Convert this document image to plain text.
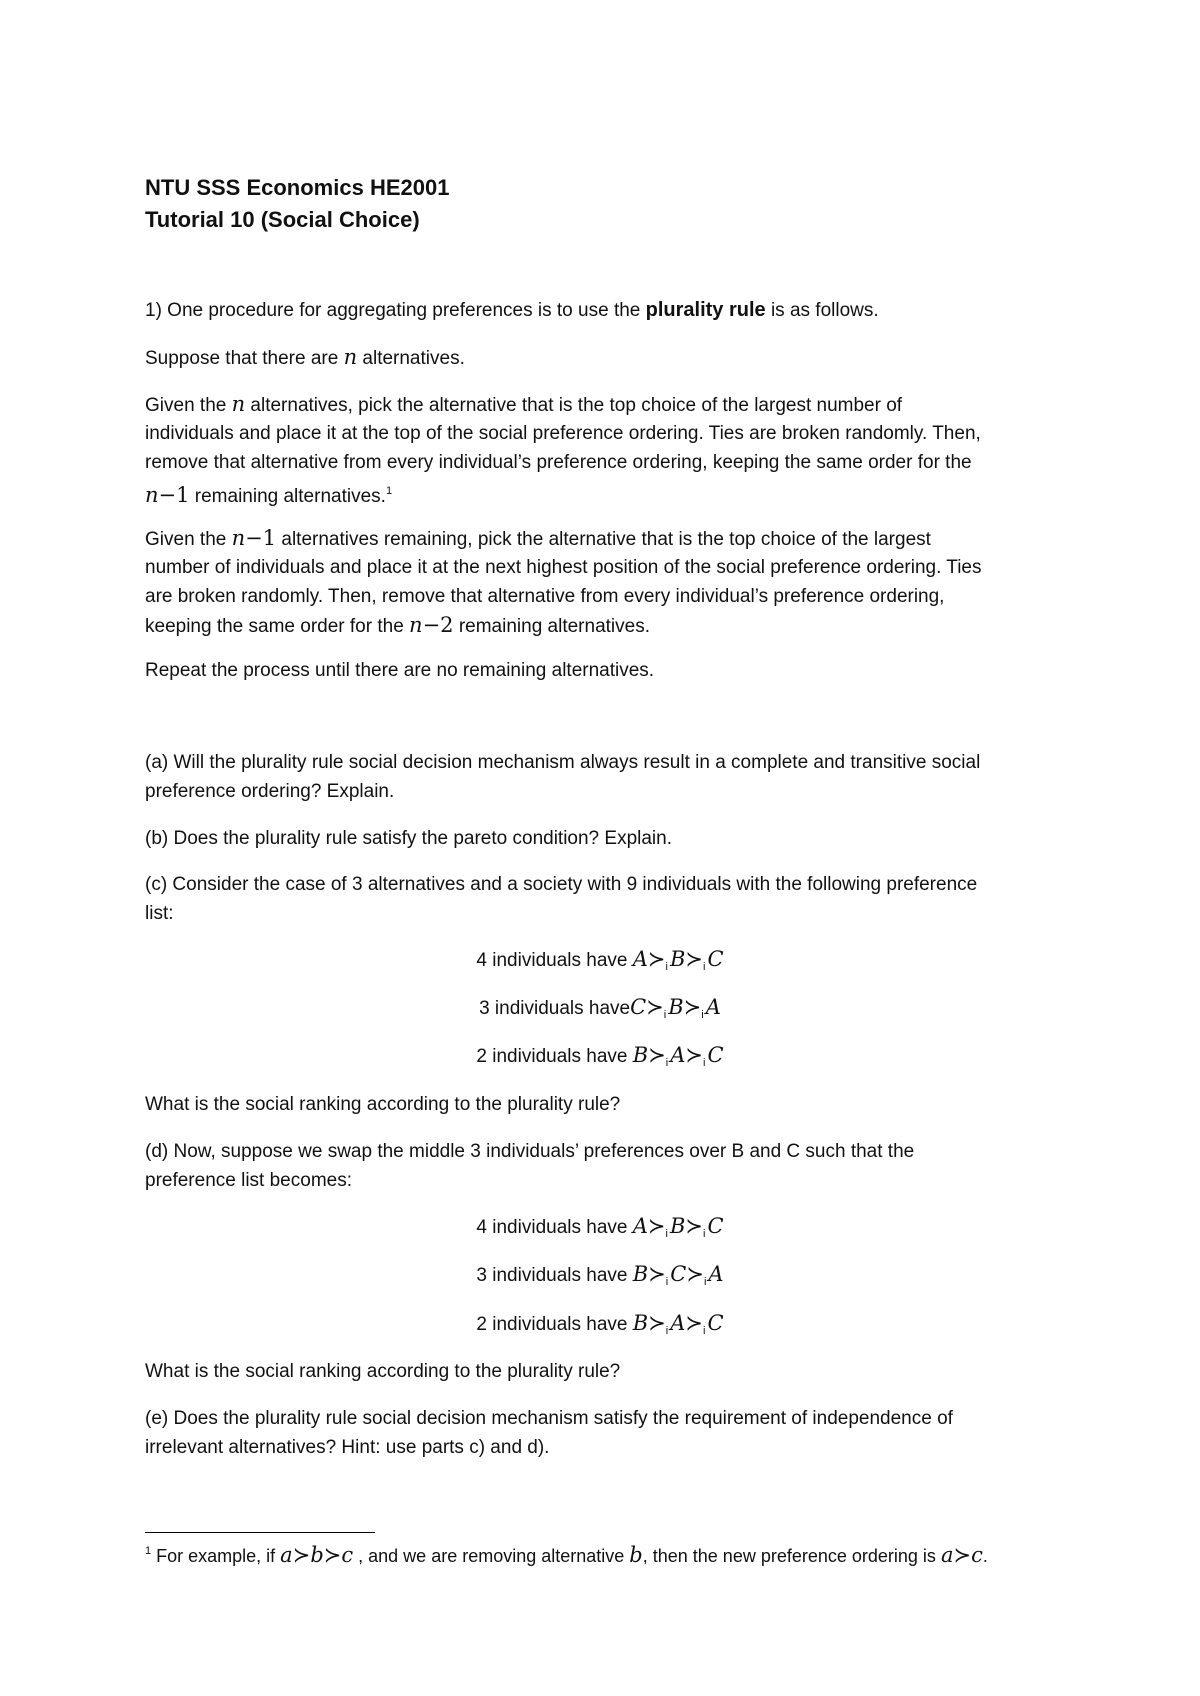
NTU SSS Economics HE2001

Tutorial 10 (Social Choice)

1) One procedure for aggregating preferences is to use the plurality rule is as follows.

Suppose that there are n alternatives.

Given the n alternatives, pick the alternative that is the top choice of the largest number of

individuals and place it at the top of the social preference ordering. Ties are broken randomly. Then,

remove that alternative from every individual’s preference ordering, keeping the same order for the

n−1 remaining alternatives.$^1$

Given the n−1 alternatives remaining, pick the alternative that is the top choice of the largest

number of individuals and place it at the next highest position of the social preference ordering. Ties

are broken randomly. Then, remove that alternative from every individual’s preference ordering,

keeping the same order for the n−2 remaining alternatives.

Repeat the process until there are no remaining alternatives.

(a) Will the plurality rule social decision mechanism always result in a complete and transitive social

preference ordering? Explain.

(b) Does the plurality rule satisfy the pareto condition? Explain.

(c) Consider the case of 3 alternatives and a society with 9 individuals with the following preference

list:

4 individuals have $A≻_iB≻_iC$

3 individuals $haveC≻_iB≻_iA$

2 individuals have $B≻_iA≻_iC$

What is the social ranking according to the plurality rule?

(d) Now, suppose we swap the middle 3 individuals’ preferences over B and C such that the

preference list becomes:

4 individuals have $A≻_iB≻_iC$

3 individuals have $B≻_iC≻_iA$

2 individuals have $B≻_iA≻_iC$

What is the social ranking according to the plurality rule?

(e) Does the plurality rule social decision mechanism satisfy the requirement of independence of

irrelevant alternatives? Hint: use parts c) and d).

$^1$ For example, if a≻b≻c , and we are removing alternative b, then the new preference ordering is a≻c.
